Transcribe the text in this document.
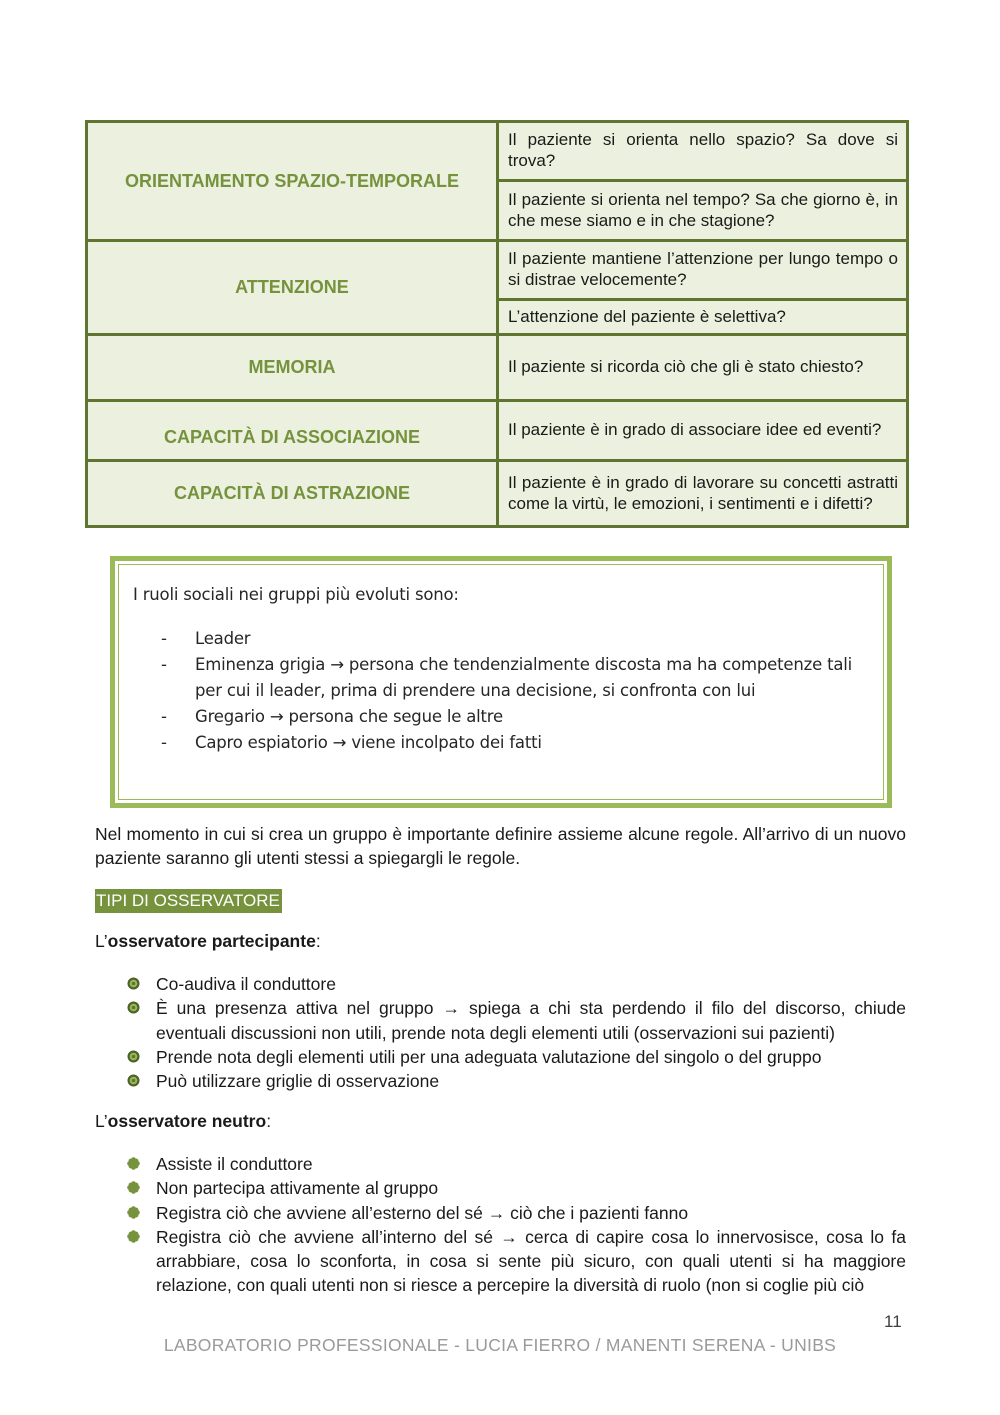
ORIENTAMENTO SPAZIO-TEMPORALE	Il paziente si orienta nello spazio? Sa dove si trova?
	Il paziente si orienta nel tempo? Sa che giorno è, in che mese siamo e in che stagione?
ATTENZIONE	Il paziente mantiene l’attenzione per lungo tempo o si distrae velocemente?
	L’attenzione del paziente è selettiva?
MEMORIA	Il paziente si ricorda ciò che gli è stato chiesto?
CAPACITÀ DI ASSOCIAZIONE	Il paziente è in grado di associare idee ed eventi?
CAPACITÀ DI ASTRAZIONE	Il paziente è in grado di lavorare su concetti astratti come la virtù, le emozioni, i sentimenti e i difetti?

I ruoli sociali nei gruppi più evoluti sono:

- Leader
- Eminenza grigia → persona che tendenzialmente discosta ma ha competenze tali per cui il leader, prima di prendere una decisione, si confronta con lui
- Gregario → persona che segue le altre
- Capro espiatorio → viene incolpato dei fatti

Nel momento in cui si crea un gruppo è importante definire assieme alcune regole. All’arrivo di un nuovo paziente saranno gli utenti stessi a spiegargli le regole.

TIPI DI OSSERVATORE

L’osservatore partecipante:

Co-audiva il conduttore
È una presenza attiva nel gruppo → spiega a chi sta perdendo il filo del discorso, chiude eventuali discussioni non utili, prende nota degli elementi utili (osservazioni sui pazienti)
Prende nota degli elementi utili per una adeguata valutazione del singolo o del gruppo
Può utilizzare griglie di osservazione

L’osservatore neutro:

Assiste il conduttore
Non partecipa attivamente al gruppo
Registra ciò che avviene all’esterno del sé → ciò che i pazienti fanno
Registra ciò che avviene all’interno del sé → cerca di capire cosa lo innervosisce, cosa lo fa arrabbiare, cosa lo sconforta, in cosa si sente più sicuro, con quali utenti si ha maggiore relazione, con quali utenti non si riesce a percepire la diversità di ruolo (non si coglie più ciò
11
LABORATORIO PROFESSIONALE - LUCIA FIERRO / MANENTI SERENA - UNIBS
